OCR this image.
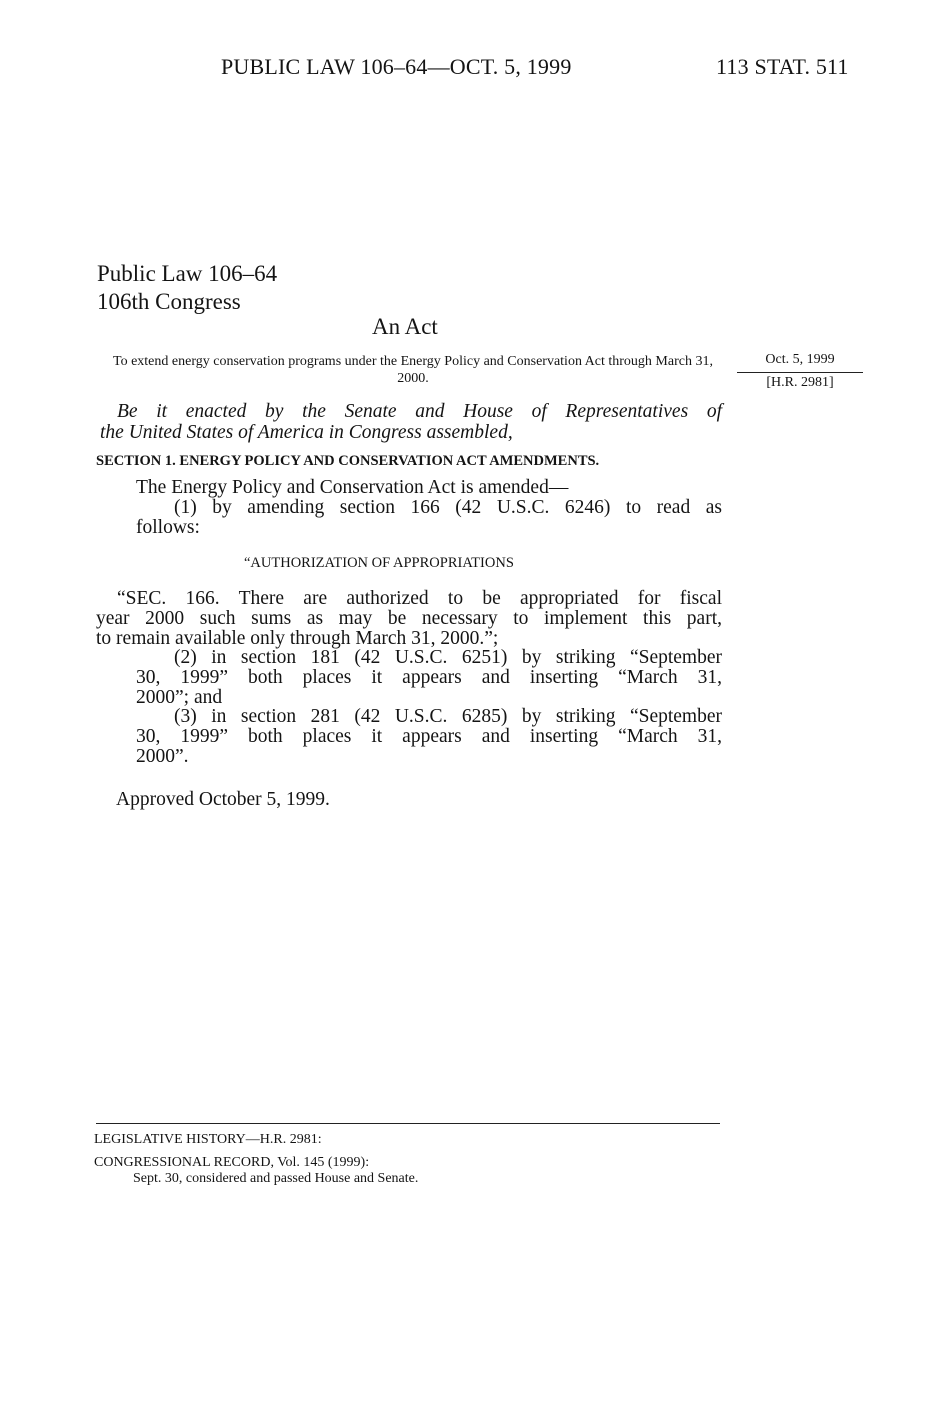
PUBLIC LAW 106–64—OCT. 5, 1999	113 STAT. 511

Public Law 106–64
106th Congress

An Act

To extend energy conservation programs under the Energy Policy and Conservation Act through March 31, 2000.

Oct. 5, 1999

[H.R. 2981]

Be it enacted by the Senate and House of Representatives of
the United States of America in Congress assembled,

SECTION 1. ENERGY POLICY AND CONSERVATION ACT AMENDMENTS.

The Energy Policy and Conservation Act is amended—

(1) by amending section 166 (42 U.S.C. 6246) to read as

follows:

“AUTHORIZATION OF APPROPRIATIONS

“SEC. 166. There are authorized to be appropriated for fiscal

year 2000 such sums as may be necessary to implement this part,

to remain available only through March 31, 2000.”;

(2) in section 181 (42 U.S.C. 6251) by striking “September

30, 1999” both places it appears and inserting “March 31,

2000”; and

(3) in section 281 (42 U.S.C. 6285) by striking “September

30, 1999” both places it appears and inserting “March 31,

2000”.

Approved October 5, 1999.

LEGISLATIVE HISTORY—H.R. 2981:

CONGRESSIONAL RECORD, Vol. 145 (1999):

Sept. 30, considered and passed House and Senate.
